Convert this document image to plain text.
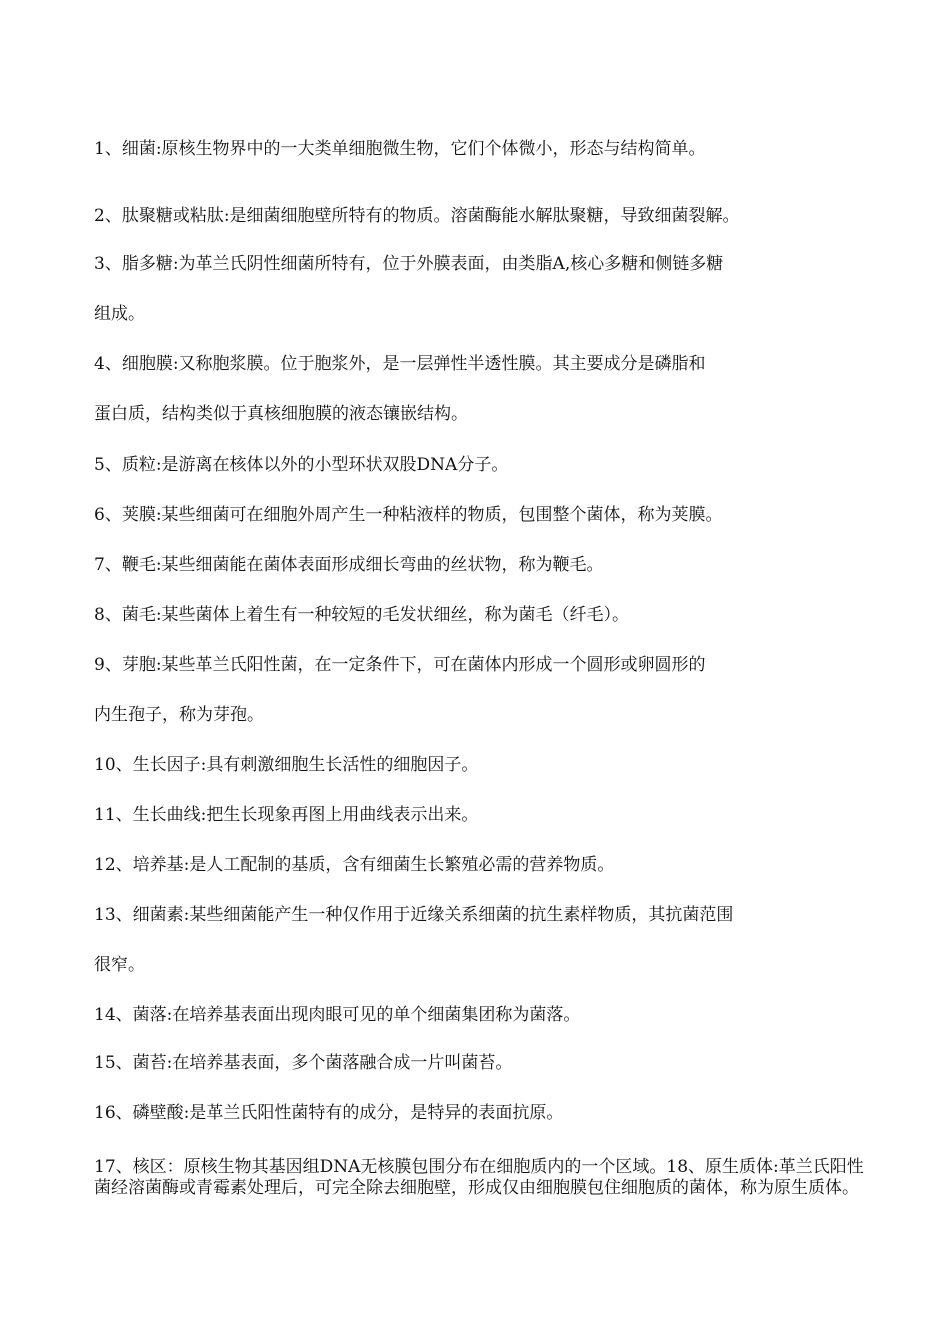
1、细菌:原核生物界中的一大类单细胞微生物，它们个体微小，形态与结构简单。
2、肽聚糖或粘肽:是细菌细胞壁所特有的物质。溶菌酶能水解肽聚糖，导致细菌裂解。
3、脂多糖:为革兰氏阴性细菌所特有，位于外膜表面，由类脂A,核心多糖和侧链多糖
组成。
4、细胞膜:又称胞浆膜。位于胞浆外，是一层弹性半透性膜。其主要成分是磷脂和
蛋白质，结构类似于真核细胞膜的液态镶嵌结构。
5、质粒:是游离在核体以外的小型环状双股DNA分子。
6、荚膜:某些细菌可在细胞外周产生一种粘液样的物质，包围整个菌体，称为荚膜。
7、鞭毛:某些细菌能在菌体表面形成细长弯曲的丝状物，称为鞭毛。
8、菌毛:某些菌体上着生有一种较短的毛发状细丝，称为菌毛（纤毛）。
9、芽胞:某些革兰氏阳性菌，在一定条件下，可在菌体内形成一个圆形或卵圆形的
内生孢子，称为芽孢。
10、生长因子:具有刺激细胞生长活性的细胞因子。
11、生长曲线:把生长现象再图上用曲线表示出来。
12、培养基:是人工配制的基质，含有细菌生长繁殖必需的营养物质。
13、细菌素:某些细菌能产生一种仅作用于近缘关系细菌的抗生素样物质，其抗菌范围
很窄。
14、菌落:在培养基表面出现肉眼可见的单个细菌集团称为菌落。
15、菌苔:在培养基表面，多个菌落融合成一片叫菌苔。
16、磷壁酸:是革兰氏阳性菌特有的成分，是特异的表面抗原。
17、核区：原核生物其基因组DNA无核膜包围分布在细胞质内的一个区域。18、原生质体:革兰氏阳性菌经溶菌酶或青霉素处理后，可完全除去细胞壁，形成仅由细胞膜包住细胞质的菌体，称为原生质体。
